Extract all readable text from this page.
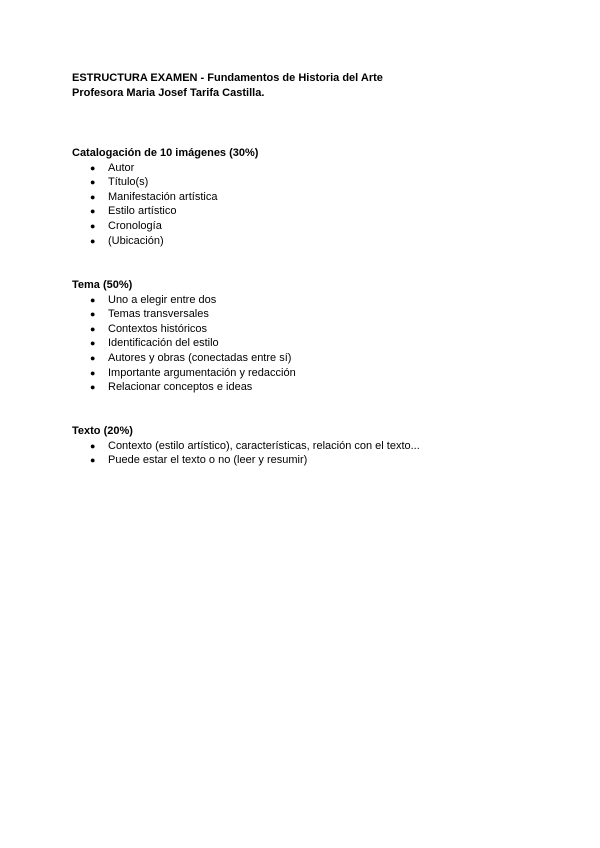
ESTRUCTURA EXAMEN - Fundamentos de Historia del Arte
Profesora Maria Josef Tarifa Castilla.
Catalogación de 10 imágenes (30%)
● Autor
● Título(s)
● Manifestación artística
● Estilo artístico
● Cronología
● (Ubicación)
Tema (50%)
● Uno a elegir entre dos
● Temas transversales
● Contextos históricos
● Identificación del estilo
● Autores y obras (conectadas entre sí)
● Importante argumentación y redacción
● Relacionar conceptos e ideas
Texto (20%)
● Contexto (estilo artístico), características, relación con el texto...
● Puede estar el texto o no (leer y resumir)
